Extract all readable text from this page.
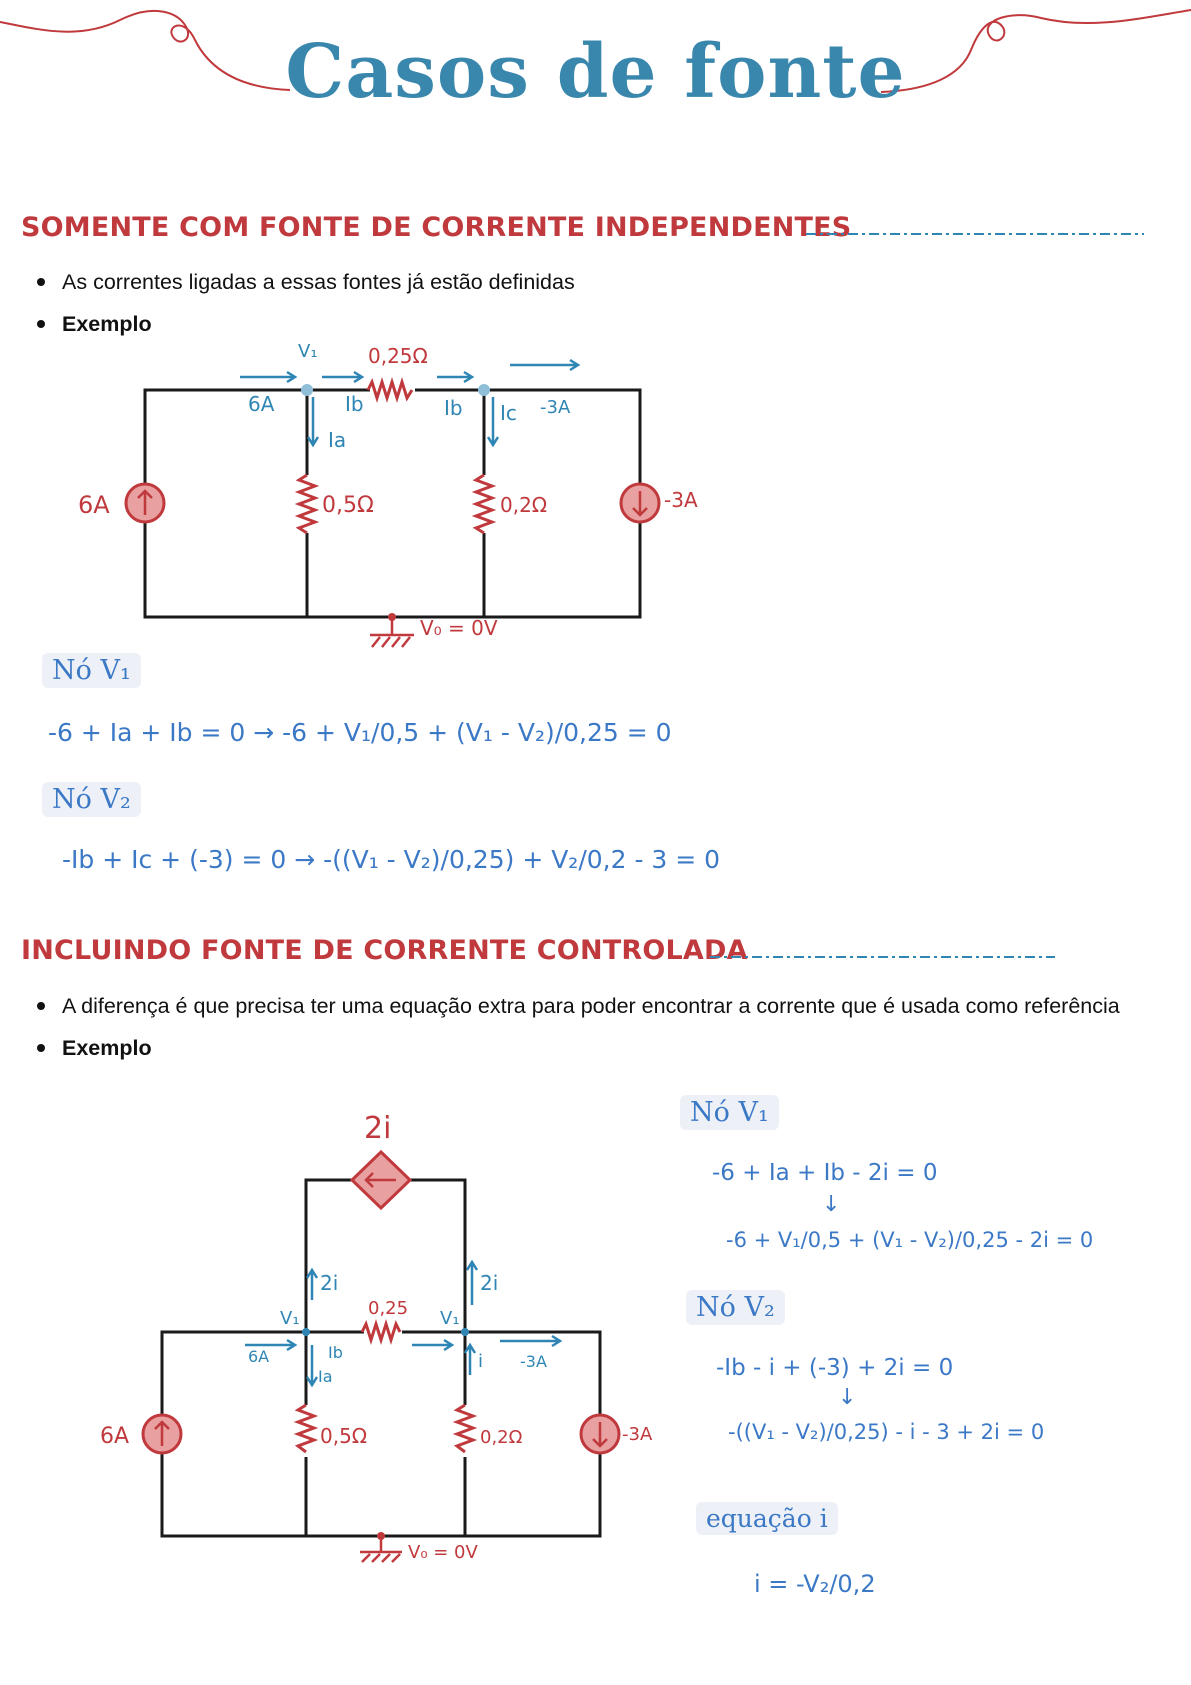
Casos de fonte
SOMENTE COM FONTE DE CORRENTE INDEPENDENTES
As correntes ligadas a essas fontes já estão definidas
Exemplo
V₁	0,25Ω
6A	Ib	Ib Ic -3A
Ia
6A	0,5Ω	0,2Ω	-3A
V₀ = 0V
Nó V₁
-6 + Ia + Ib = 0 → -6 + V₁/0,5 + (V₁ - V₂)/0,25 = 0
Nó V₂
-Ib + Ic + (-3) = 0 → -((V₁ - V₂)/0,25) + V₂/0,2 - 3 = 0
INCLUINDO FONTE DE CORRENTE CONTROLADA
A diferença é que precisa ter uma equação extra para poder encontrar a corrente que é usada como referência
Exemplo
2i
V₁	V₁
0,25
2i	2i
6A	Ib
Ia
i -3A
6A	0,5Ω	0,2Ω	-3A
V₀ = 0V
Nó V₁
-6 + Ia + Ib - 2i = 0
↓
-6 + V₁/0,5 + (V₁ - V₂)/0,25 - 2i = 0
Nó V₂
-Ib - i + (-3) + 2i = 0
↓
-((V₁ - V₂)/0,25) - i - 3 + 2i = 0
equação i
i = -V₂/0,2
